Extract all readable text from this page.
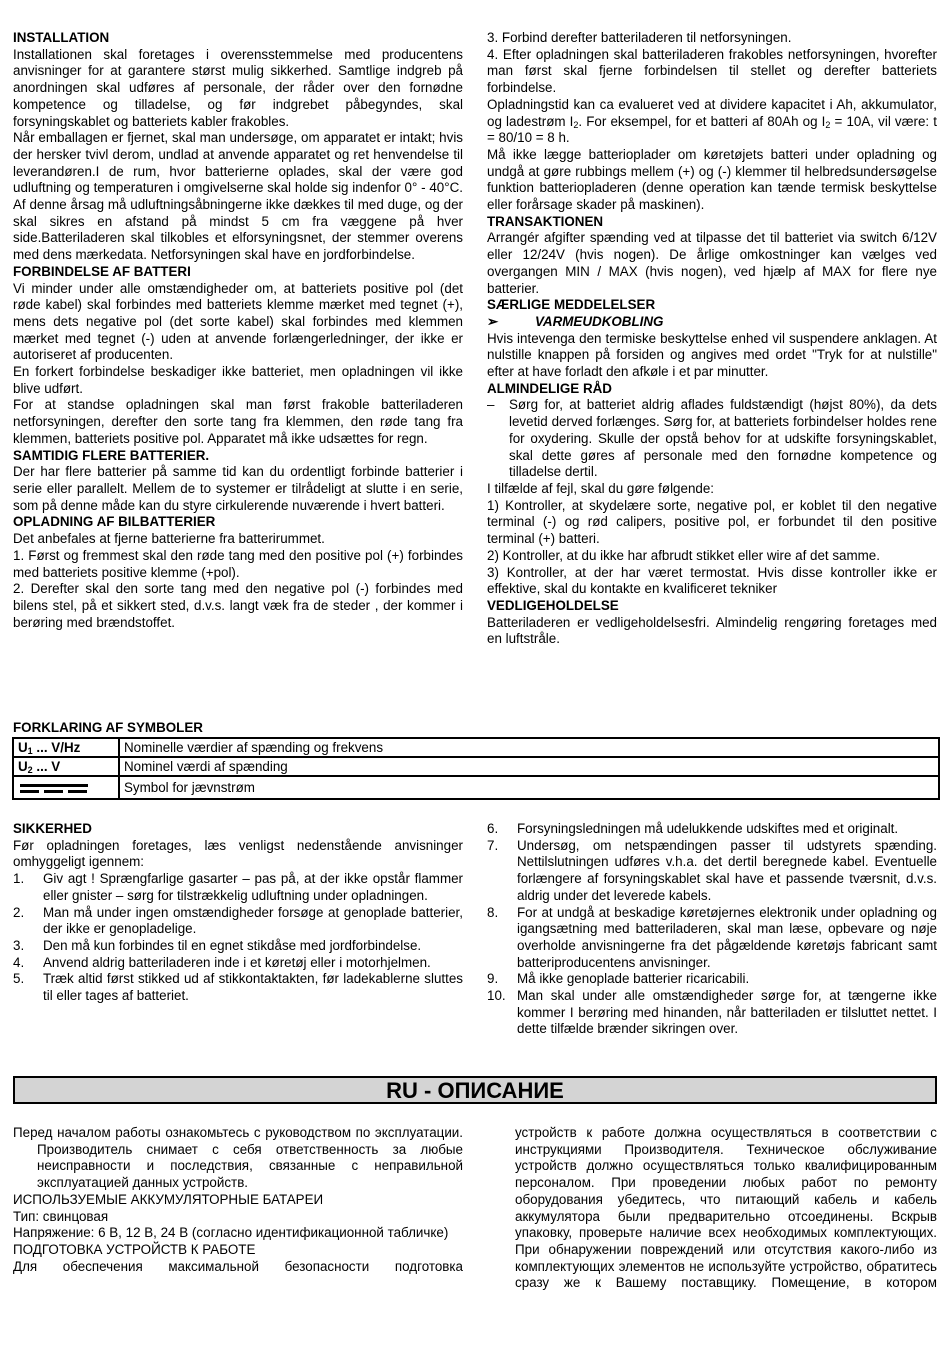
INSTALLATION

Installationen skal foretages i overensstemmelse med producentens anvisninger for at garantere størst mulig sikkerhed. Samtlige indgreb på anordningen skal udføres af personale, der råder over den fornødne kompetence og tilladelse, og før indgrebet påbegyndes, skal forsyningskablet og batteriets kabler frakobles.

Når emballagen er fjernet, skal man undersøge, om apparatet er intakt; hvis der hersker tvivl derom, undlad at anvende apparatet og ret henvendelse til leverandøren.I de rum, hvor batterierne oplades, skal der være god udluftning og temperaturen i omgivelserne skal holde sig indenfor 0° - 40°C. Af denne årsag må udluftningsåbningerne ikke dækkes til med duge, og der skal sikres en afstand på mindst 5 cm fra væggene på hver side.Batteriladeren skal tilkobles et elforsyningsnet, der stemmer overens med dens mærkedata. Netforsyningen skal have en jordforbindelse.

FORBINDELSE AF BATTERI

Vi minder under alle omstændigheder om, at batteriets positive pol (det røde kabel) skal forbindes med batteriets klemme mærket med tegnet (+), mens dets negative pol (det sorte kabel) skal forbindes med klemmen mærket med tegnet (-) uden at anvende forlængerledninger, der ikke er autoriseret af producenten.

En forkert forbindelse beskadiger ikke batteriet, men opladningen vil ikke blive udført.

For at standse opladningen skal man først frakoble batteriladeren netforsyningen, derefter den sorte tang fra klemmen, den røde tang fra klemmen, batteriets positive pol. Apparatet må ikke udsættes for regn.

SAMTIDIG FLERE BATTERIER.

Der har flere batterier på samme tid kan du ordentligt forbinde batterier i serie eller parallelt. Mellem de to systemer er tilrådeligt at slutte i en serie, som på denne måde kan du styre cirkulerende nuværende i hvert batteri.

OPLADNING AF BILBATTERIER

Det anbefales at fjerne batterierne fra batterirummet.

1. Først og fremmest skal den røde tang med den positive pol (+) forbindes med batteriets positive klemme (+pol).

2. Derefter skal den sorte tang med den negative pol (-) forbindes med bilens stel, på et sikkert sted, d.v.s. langt væk fra de steder , der kommer i berøring med brændstoffet.

3. Forbind derefter batteriladeren til netforsyningen.

4. Efter opladningen skal batteriladeren frakobles netforsyningen, hvorefter man først skal fjerne forbindelsen til stellet og derefter batteriets forbindelse.

Opladningstid kan ca evalueret ved at dividere kapacitet i Ah, akkumulator, og ladestrøm $I_2$. For eksempel, for et batteri af 80Ah og $I_2 = 10A$, vil være: t = 80/10 = 8 h.

Må ikke lægge batterioplader om køretøjets batteri under opladning og undgå at gøre rubbings mellem (+) og (-) klemmer til helbredsundersøgelse funktion batteriopladeren (denne operation kan tænde termisk beskyttelse eller forårsage skader på maskinen).

TRANSAKTIONEN

Arrangér afgifter spænding ved at tilpasse det til batteriet via switch 6/12V eller 12/24V (hvis nogen). De årlige omkostninger kan vælges ved overgangen MIN / MAX (hvis nogen), ved hjælp af MAX for flere nye batterier.

SÆRLIGE MEDDELELSER
➢	VARMEUDKOBLING

Hvis intevenga den termiske beskyttelse enhed vil suspendere anklagen. At nulstille knappen på forsiden og angives med ordet "Tryk for at nulstille" efter at have forladt den afkøle i et par minutter.

ALMINDELIGE RÅD
–	Sørg for, at batteriet aldrig aflades fuldstændigt (højst 80%), da dets levetid derved forlænges. Sørg for, at batteriets forbindelser holdes rene for oxydering. Skulle der opstå behov for at udskifte forsyningskablet, skal dette gøres af personale med den fornødne kompetence og tilladelse dertil.

I tilfælde af fejl, skal du gøre følgende:

1) Kontroller, at skydelære sorte, negative pol, er koblet til den negative terminal (-) og rød calipers, positive pol, er forbundet til den positive terminal (+) batteri.

2) Kontroller, at du ikke har afbrudt stikket eller wire af det samme.

3) Kontroller, at der har været termostat. Hvis disse kontroller ikke er effektive, skal du kontakte en kvalificeret tekniker

VEDLIGEHOLDELSE

Batteriladeren er vedligeholdelsesfri. Almindelig rengøring foretages med en luftstråle.

FORKLARING AF SYMBOLER
$U_1$ ... V/Hz	Nominelle værdier af spænding og frekvens
$U_2$ ... V	Nominel værdi af spænding

	Symbol for jævnstrøm
SIKKERHED

Før opladningen foretages, læs venligst nedenstående anvisninger omhyggeligt igennem:

1.	Giv agt ! Sprængfarlige gasarter – pas på, at der ikke opstår flammer eller gnister – sørg for tilstrækkelig udluftning under opladningen.
2.	Man må under ingen omstændigheder forsøge at genoplade batterier, der ikke er genopladelige.
3.	Den må kun forbindes til en egnet stikdåse med jordforbindelse.
4.	Anvend aldrig batteriladeren inde i et køretøj eller i motorhjelmen.
5.	Træk altid først stikked ud af stikkontaktakten, før ladekablerne sluttes til eller tages af batteriet.
6.	Forsyningsledningen må udelukkende udskiftes med et originalt.
7.	Undersøg, om netspændingen passer til udstyrets spænding. Nettilslutningen udføres v.h.a. det dertil beregnede kabel. Eventuelle forlængere af forsyningskablet skal have et passende tværsnit, d.v.s. aldrig under det leverede kabels.
8.	For at undgå at beskadige køretøjernes elektronik under opladning og igangsætning med batteriladeren, skal man læse, opbevare og nøje overholde anvisningerne fra det pågældende køretøjs fabricant samt batteriproducentens anvisninger.
9.	Må ikke genoplade batterier ricaricabili.
10. Man skal under alle omstændigheder sørge for, at tængerne ikke kommer I berøring med hinanden, når batteriladen er tilsluttet nettet. I dette tilfælde brænder sikringen over.
RU - ОПИСАНИЕ

Перед началом работы ознакомьтесь с руководством по эксплуатации. Производитель снимает с себя ответственность за любые неисправности и последствия, связанные с неправильной эксплуатацией данных устройств.

ИСПОЛЬЗУЕМЫЕ АККУМУЛЯТОРНЫЕ БАТАРЕИ

Тип: свинцовая

Напряжение: 6 В, 12 В, 24 В (согласно идентификационной табличке)

ПОДГОТОВКА УСТРОЙСТВ К РАБОТЕ

Для обеспечения максимальной безопасности подготовка

устройств к работе должна осуществляться в соответствии с инструкциями Производителя. Техническое обслуживание устройств должно осуществляться только квалифицированным персоналом. При проведении любых работ по ремонту оборудования убедитесь, что питающий кабель и кабель аккумулятора были предварительно отсоединены. Вскрыв упаковку, проверьте наличие всех необходимых комплектующих. При обнаружении повреждений или отсутствия какого-либо из комплектующих элементов не используйте устройство, обратитесь сразу же к Вашему поставщику. Помещение, в котором
